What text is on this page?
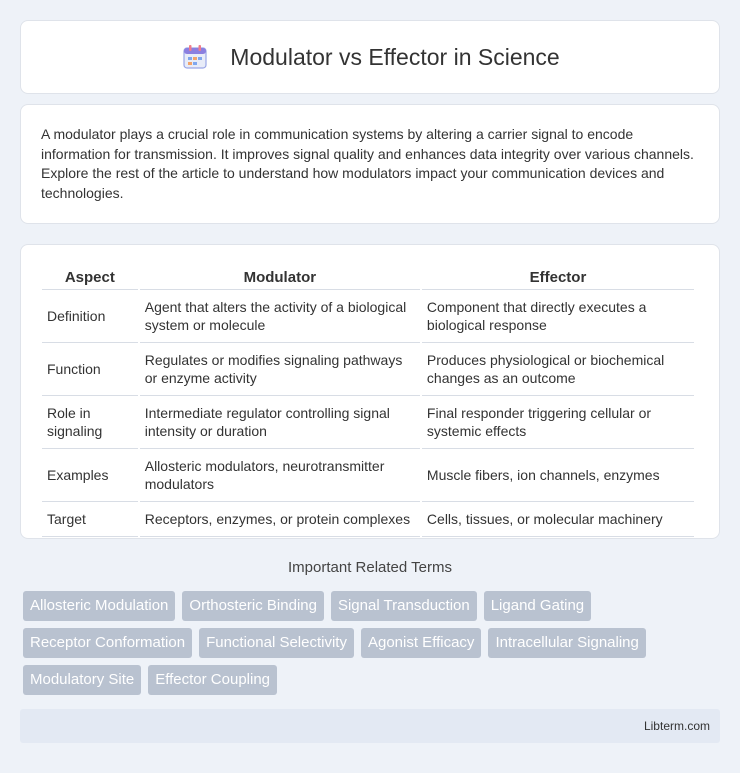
Modulator vs Effector in Science

A modulator plays a crucial role in communication systems by altering a carrier signal to encode information for transmission. It improves signal quality and enhances data integrity over various channels. Explore the rest of the article to understand how modulators impact your communication devices and technologies.

Aspect	Modulator	Effector
Definition	Agent that alters the activity of a biological system or molecule	Component that directly executes a biological response
Function	Regulates or modifies signaling pathways or enzyme activity	Produces physiological or biochemical changes as an outcome
Role in signaling	Intermediate regulator controlling signal intensity or duration	Final responder triggering cellular or systemic effects
Examples	Allosteric modulators, neurotransmitter modulators	Muscle fibers, ion channels, enzymes
Target	Receptors, enzymes, or protein complexes	Cells, tissues, or molecular machinery
Important Related Terms
Allosteric Modulation	Orthosteric Binding	Signal Transduction	Ligand Gating
Receptor Conformation	Functional Selectivity	Agonist Efficacy	Intracellular Signaling
Modulatory Site	Effector Coupling
Libterm.com
